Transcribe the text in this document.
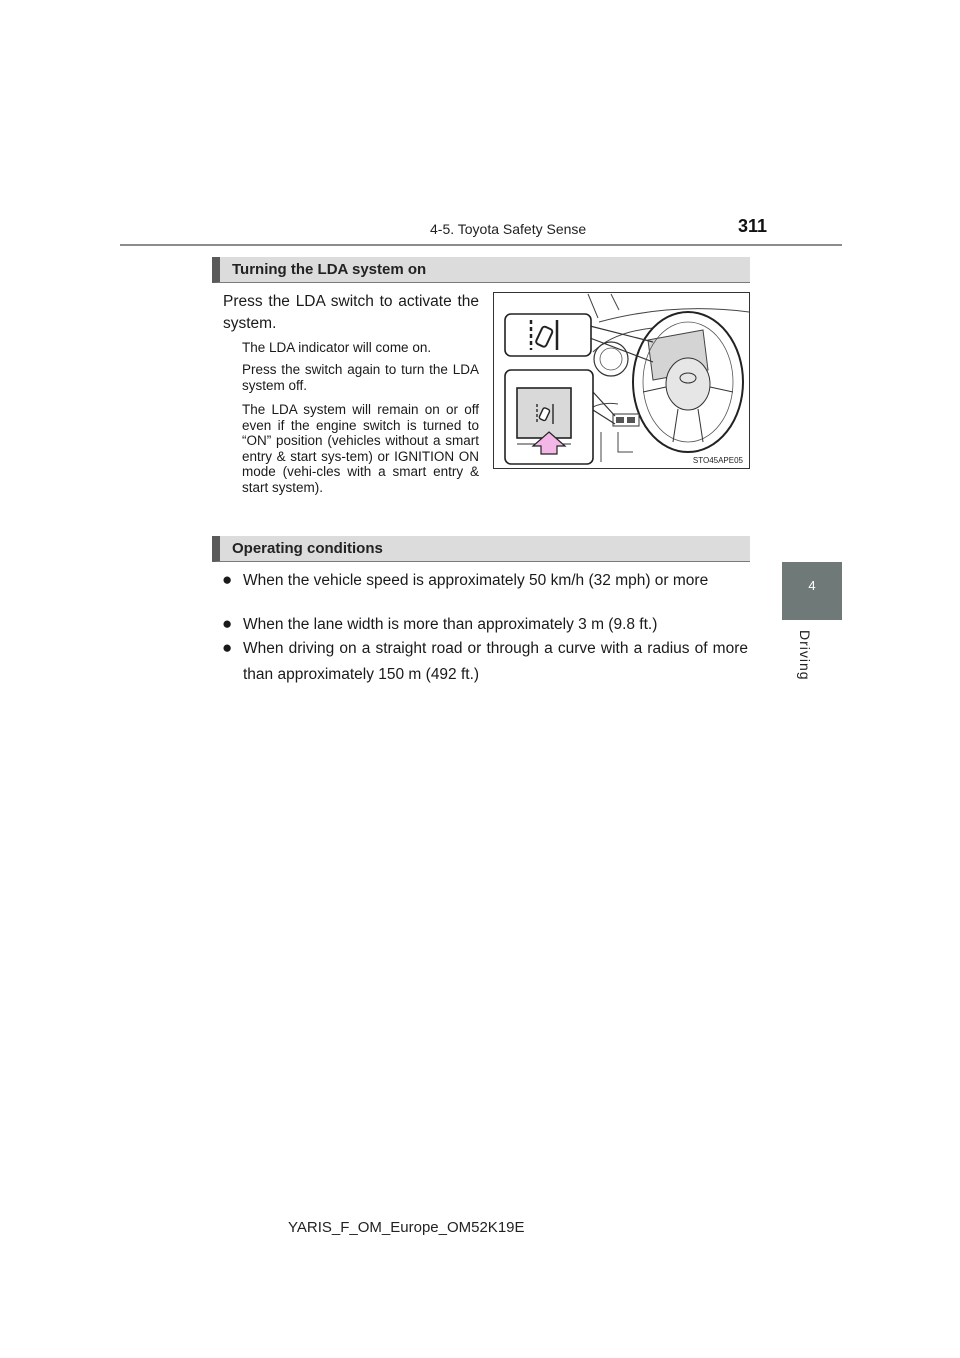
4-5. Toyota Safety Sense	311
4
Driving
Turning the LDA system on
Press the LDA switch to activate the system.
The LDA indicator will come on.
Press the switch again to turn the LDA system off.
The LDA system will remain on or off even if the engine switch is turned to “ON” position (vehicles without a smart entry & start sys-tem) or IGNITION ON mode (vehi-cles with a smart entry & start system).
STO45APE05
Operating conditions
● When the vehicle speed is approximately 50 km/h (32 mph) or more
● When the lane width is more than approximately 3 m (9.8 ft.)
● When driving on a straight road or through a curve with a radius of more than approximately 150 m (492 ft.)
YARIS_F_OM_Europe_OM52K19E
